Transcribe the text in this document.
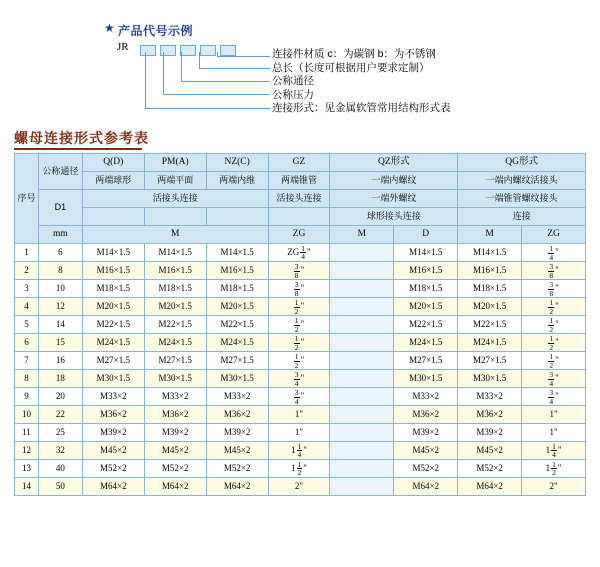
★ 产品代号示例
JR
连接件材质 c：为碳钢 b：为不锈钢
总长（长度可根据用户要求定制）
公称通径
公称压力
连接形式：见金属软管常用结构形式表
螺母连接形式参考表
序号	公称通径	Q(D)	PM(A)	NZ(C)	GZ	QZ形式		QG形式	
		两端球形	两端平面	两端内维	两端锥管	一端内螺纹		一端内螺纹活接头	
	D1	活接头连接			活接头连接	一端外螺纹		一端锥管螺纹接头	
						球形接头连接		连接	
	mm	M			ZG	M	D	M	ZG
1	6	M14×1.5	M14×1.5	M14×1.5	ZG $\frac{1}{4}$ "		M14×1.5	M14×1.5	$\frac{1}{4}$ "

2	8	M16×1.5	M16×1.5	M16×1.5	$\frac{3}{8}$ "		M16×1.5	M16×1.5	$\frac{3}{8}$ "

3	10	M18×1.5	M18×1.5	M18×1.5	$\frac{3}{8}$ "		M18×1.5	M18×1.5	$\frac{3}{8}$ "

4	12	M20×1.5	M20×1.5	M20×1.5	$\frac{1}{2}$ "		M20×1.5	M20×1.5	$\frac{1}{2}$ "

5	14	M22×1.5	M22×1.5	M22×1.5	$\frac{1}{2}$ "		M22×1.5	M22×1.5	$\frac{1}{2}$ "

6	15	M24×1.5	M24×1.5	M24×1.5	$\frac{1}{2}$ "		M24×1.5	M24×1.5	$\frac{1}{2}$ "

7	16	M27×1.5	M27×1.5	M27×1.5	$\frac{1}{2}$ "		M27×1.5	M27×1.5	$\frac{1}{2}$ "

8	18	M30×1.5	M30×1.5	M30×1.5	$\frac{3}{4}$ "		M30×1.5	M30×1.5	$\frac{3}{4}$ "

9	20	M33×2	M33×2	M33×2	$\frac{3}{4}$ "		M33×2	M33×2	$\frac{3}{4}$ "

10	22	M36×2	M36×2	M36×2	1"		M36×2	M36×2	1"
11	25	M39×2	M39×2	M39×2	1"		M39×2	M39×2	1"
12	32	M45×2	M45×2	M45×2	$1 \frac{1}{4}$ "		M45×2	M45×2	$1 \frac{1}{4}$ "

13	40	M52×2	M52×2	M52×2	$1 \frac{1}{2}$ "		M52×2	M52×2	$1 \frac{1}{2}$ "

14	50	M64×2	M64×2	M64×2	2"		M64×2	M64×2	2"
